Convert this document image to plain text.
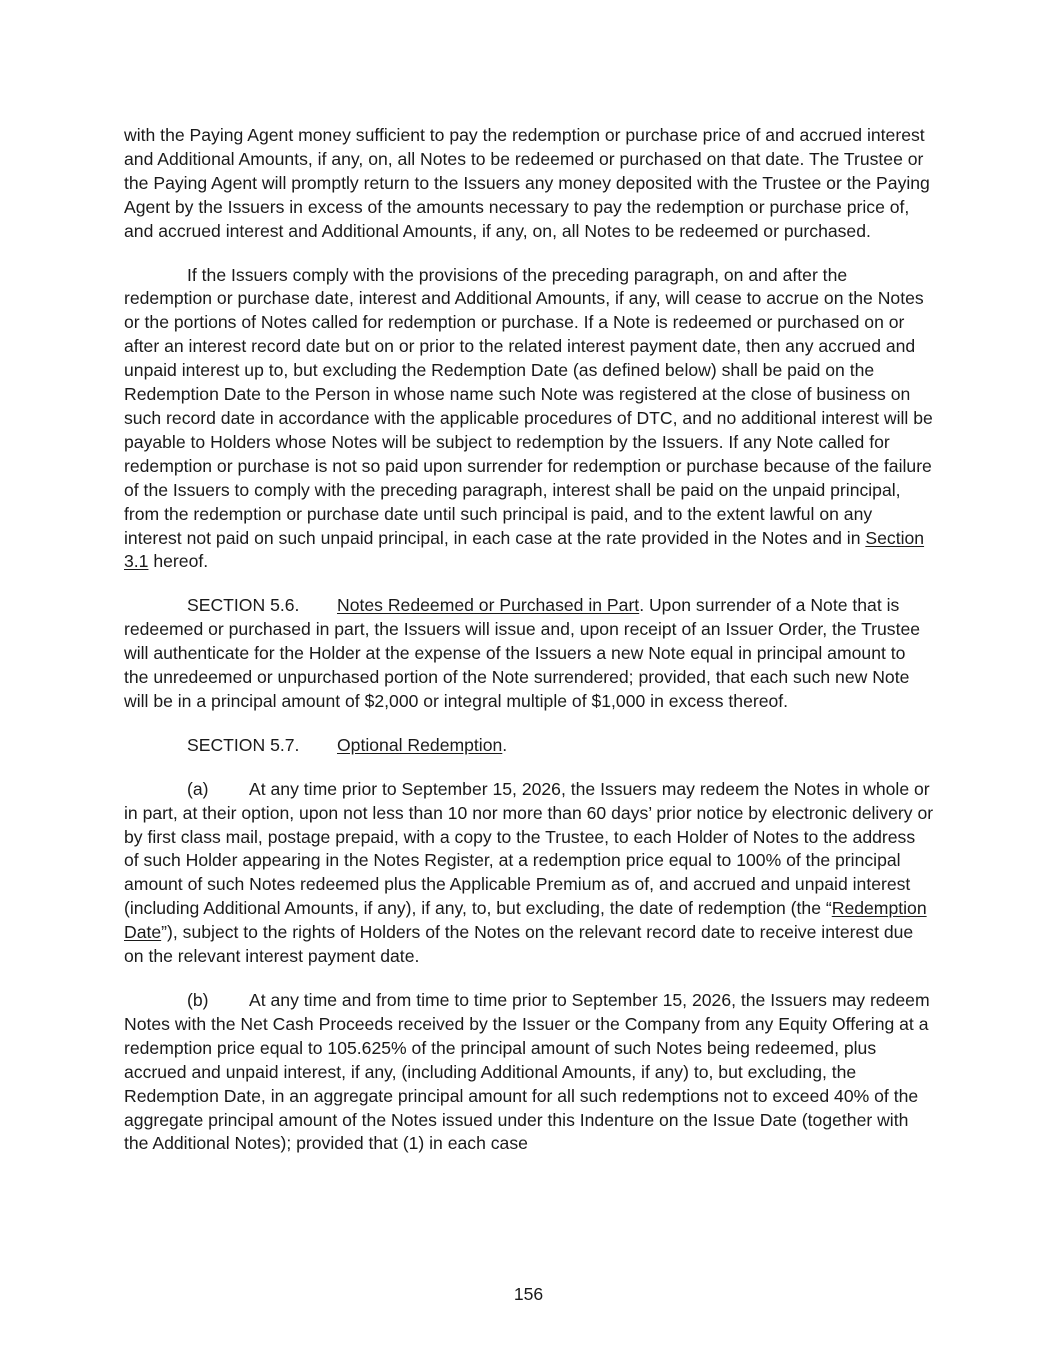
with the Paying Agent money sufficient to pay the redemption or purchase price of and accrued interest and Additional Amounts, if any, on, all Notes to be redeemed or purchased on that date. The Trustee or the Paying Agent will promptly return to the Issuers any money deposited with the Trustee or the Paying Agent by the Issuers in excess of the amounts necessary to pay the redemption or purchase price of, and accrued interest and Additional Amounts, if any, on, all Notes to be redeemed or purchased.

If the Issuers comply with the provisions of the preceding paragraph, on and after the redemption or purchase date, interest and Additional Amounts, if any, will cease to accrue on the Notes or the portions of Notes called for redemption or purchase. If a Note is redeemed or purchased on or after an interest record date but on or prior to the related interest payment date, then any accrued and unpaid interest up to, but excluding the Redemption Date (as defined below) shall be paid on the Redemption Date to the Person in whose name such Note was registered at the close of business on such record date in accordance with the applicable procedures of DTC, and no additional interest will be payable to Holders whose Notes will be subject to redemption by the Issuers. If any Note called for redemption or purchase is not so paid upon surrender for redemption or purchase because of the failure of the Issuers to comply with the preceding paragraph, interest shall be paid on the unpaid principal, from the redemption or purchase date until such principal is paid, and to the extent lawful on any interest not paid on such unpaid principal, in each case at the rate provided in the Notes and in Section 3.1 hereof.

SECTION 5.6. Notes Redeemed or Purchased in Part. Upon surrender of a Note that is redeemed or purchased in part, the Issuers will issue and, upon receipt of an Issuer Order, the Trustee will authenticate for the Holder at the expense of the Issuers a new Note equal in principal amount to the unredeemed or unpurchased portion of the Note surrendered; provided, that each such new Note will be in a principal amount of $2,000 or integral multiple of $1,000 in excess thereof.

SECTION 5.7. Optional Redemption.

(a) At any time prior to September 15, 2026, the Issuers may redeem the Notes in whole or in part, at their option, upon not less than 10 nor more than 60 days’ prior notice by electronic delivery or by first class mail, postage prepaid, with a copy to the Trustee, to each Holder of Notes to the address of such Holder appearing in the Notes Register, at a redemption price equal to 100% of the principal amount of such Notes redeemed plus the Applicable Premium as of, and accrued and unpaid interest (including Additional Amounts, if any), if any, to, but excluding, the date of redemption (the “Redemption Date”), subject to the rights of Holders of the Notes on the relevant record date to receive interest due on the relevant interest payment date.

(b) At any time and from time to time prior to September 15, 2026, the Issuers may redeem Notes with the Net Cash Proceeds received by the Issuer or the Company from any Equity Offering at a redemption price equal to 105.625% of the principal amount of such Notes being redeemed, plus accrued and unpaid interest, if any, (including Additional Amounts, if any) to, but excluding, the Redemption Date, in an aggregate principal amount for all such redemptions not to exceed 40% of the aggregate principal amount of the Notes issued under this Indenture on the Issue Date (together with the Additional Notes); provided that (1) in each case

156
